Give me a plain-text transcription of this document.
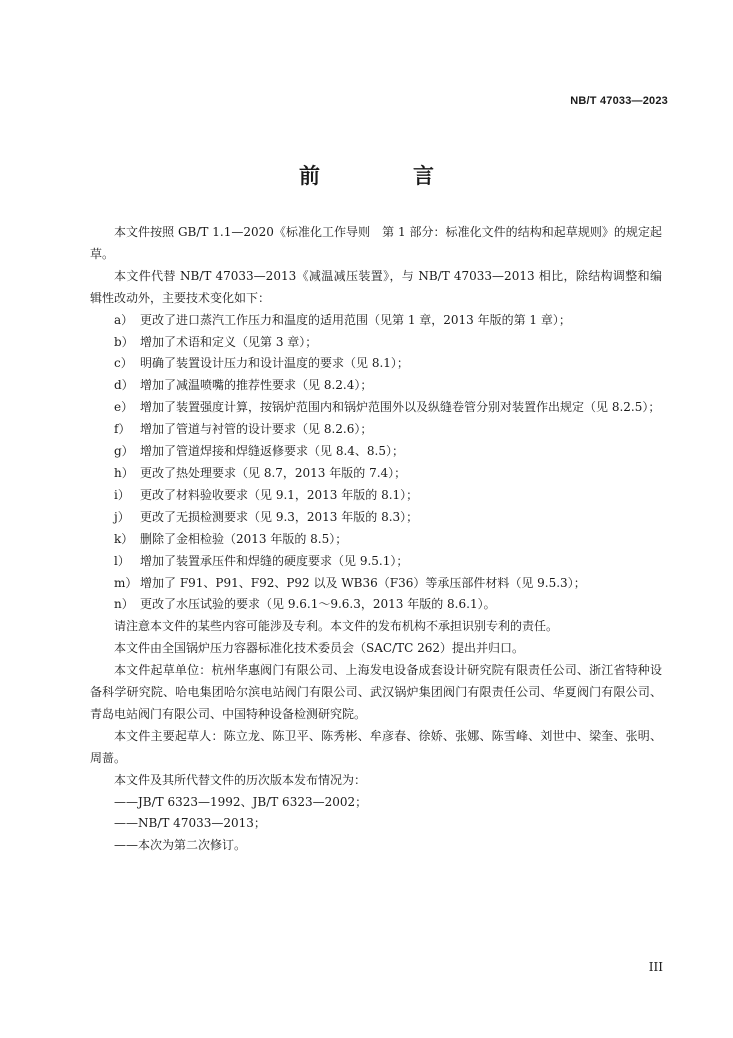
NB/T 47033—2023
前　言

本文件按照 GB/T 1.1—2020《标准化工作导则　第 1 部分：标准化文件的结构和起草规则》的规定起草。

本文件代替 NB/T 47033—2013《减温减压装置》，与 NB/T 47033—2013 相比，除结构调整和编辑性改动外，主要技术变化如下：

a） 更改了进口蒸汽工作压力和温度的适用范围（见第 1 章，2013 年版的第 1 章）；

b） 增加了术语和定义（见第 3 章）；

c） 明确了装置设计压力和设计温度的要求（见 8.1）；

d） 增加了减温喷嘴的推荐性要求（见 8.2.4）；

e） 增加了装置强度计算，按锅炉范围内和锅炉范围外以及纵缝卷管分别对装置作出规定（见 8.2.5）；

f） 增加了管道与衬管的设计要求（见 8.2.6）；

g） 增加了管道焊接和焊缝返修要求（见 8.4、8.5）；

h） 更改了热处理要求（见 8.7，2013 年版的 7.4）；

i） 更改了材料验收要求（见 9.1，2013 年版的 8.1）；

j） 更改了无损检测要求（见 9.3，2013 年版的 8.3）；

k） 删除了金相检验（2013 年版的 8.5）；

l） 增加了装置承压件和焊缝的硬度要求（见 9.5.1）；

m） 增加了 F91、P91、F92、P92 以及 WB36（F36）等承压部件材料（见 9.5.3）；

n） 更改了水压试验的要求（见 9.6.1～9.6.3，2013 年版的 8.6.1）。

请注意本文件的某些内容可能涉及专利。本文件的发布机构不承担识别专利的责任。

本文件由全国锅炉压力容器标准化技术委员会（SAC/TC 262）提出并归口。

本文件起草单位：杭州华惠阀门有限公司、上海发电设备成套设计研究院有限责任公司、浙江省特种设备科学研究院、哈电集团哈尔滨电站阀门有限公司、武汉锅炉集团阀门有限责任公司、华夏阀门有限公司、青岛电站阀门有限公司、中国特种设备检测研究院。

本文件主要起草人：陈立龙、陈卫平、陈秀彬、牟彦春、徐娇、张娜、陈雪峰、刘世中、梁奎、张明、周蔷。

本文件及其所代替文件的历次版本发布情况为：

——JB/T 6323—1992、JB/T 6323—2002；

——NB/T 47033—2013；

——本次为第二次修订。

III
